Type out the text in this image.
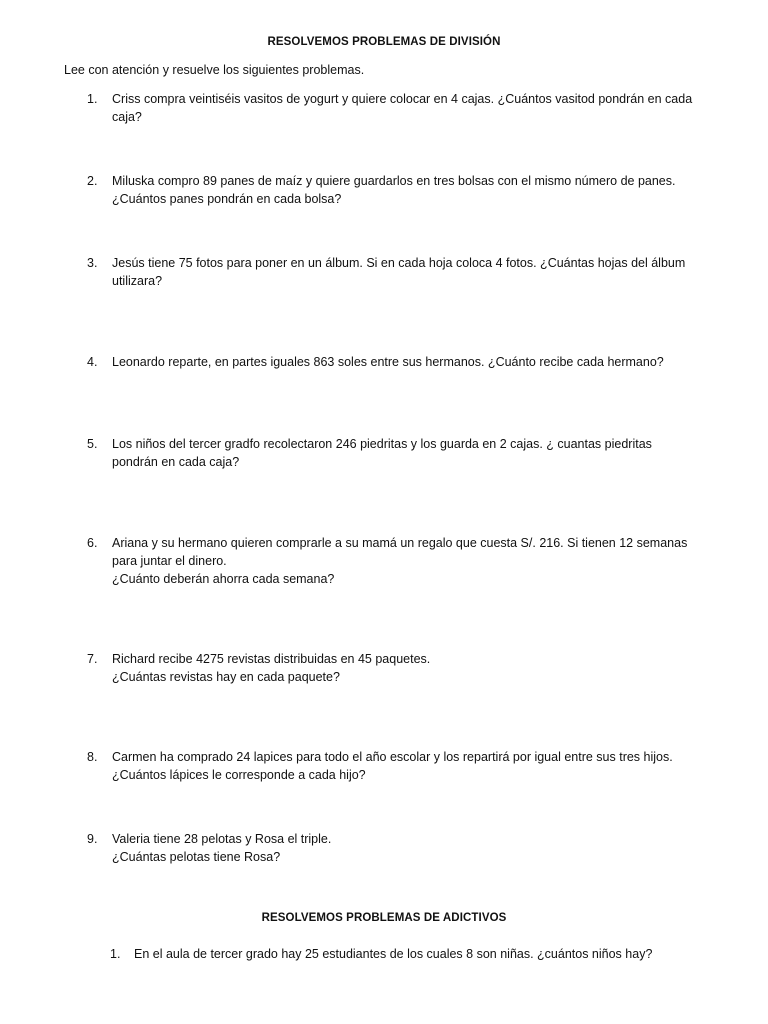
RESOLVEMOS PROBLEMAS DE DIVISIÓN
Lee con atención y resuelve los siguientes problemas.
1. Criss compra veintiséis vasitos de yogurt y quiere colocar en 4 cajas. ¿Cuántos vasitod pondrán en cada
caja?
2. Miluska compro 89 panes de maíz y quiere guardarlos en tres bolsas con el mismo número de panes.
¿Cuántos panes pondrán en cada bolsa?
3. Jesús tiene 75 fotos para poner en un álbum. Si en cada hoja coloca 4 fotos. ¿Cuántas hojas del álbum
utilizara?
4. Leonardo reparte, en partes iguales 863 soles entre sus hermanos. ¿Cuánto recibe cada hermano?
5. Los niños del tercer gradfo recolectaron 246 piedritas y los guarda en 2 cajas. ¿ cuantas piedritas
pondrán en cada caja?
6. Ariana y su hermano quieren comprarle a su mamá un regalo que cuesta S/. 216. Si tienen 12 semanas
para juntar el dinero.
¿Cuánto deberán ahorra cada semana?
7. Richard recibe 4275 revistas distribuidas en 45 paquetes.
¿Cuántas revistas hay en cada paquete?
8. Carmen ha comprado 24 lapices para todo el año escolar y los repartirá por igual entre sus tres hijos.
¿Cuántos lápices le corresponde a cada hijo?
9. Valeria tiene 28 pelotas y Rosa el triple.
¿Cuántas pelotas tiene Rosa?
RESOLVEMOS PROBLEMAS DE ADICTIVOS
1. En el aula de tercer grado hay 25 estudiantes de los cuales 8 son niñas. ¿cuántos niños hay?
